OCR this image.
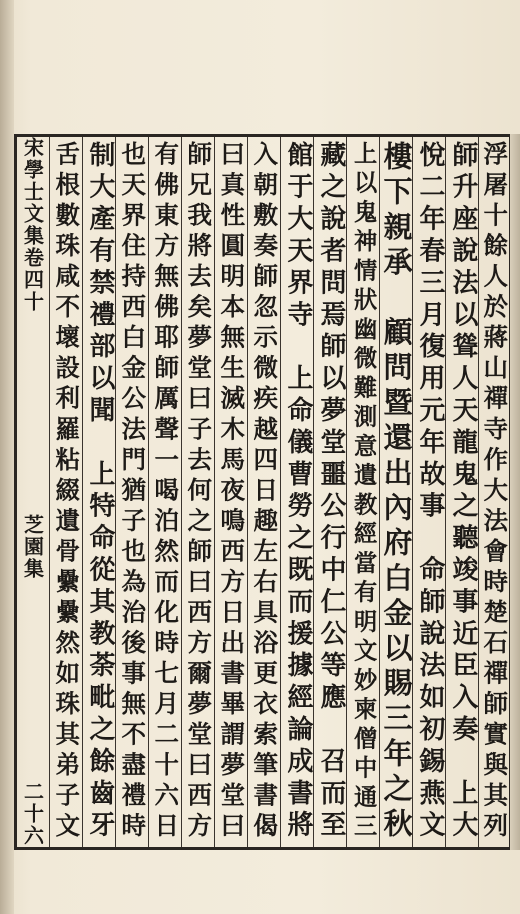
宋學士文集卷四十
芝園集
二十六 舌根數珠咸不壞設利羅粘綴遺骨纍纍然如珠其弟子文 制大產有禁禮部以聞　上特命從其教荼毗之餘齒牙 也天界住持西白金公法門猶子也為治後事無不盡禮時 有佛東方無佛耶師厲聲一喝泊然而化時七月二十六日 師兄我將去矣夢堂曰子去何之師曰西方爾夢堂曰西方 曰真性圓明本無生滅木馬夜鳴西方日出書畢謂夢堂曰 入朝敷奏師忽示微疾越四日趣左右具浴更衣索筆書偈 館于大天界寺　上命儀曹勞之既而援據經論成書將 藏之說者問焉師以夢堂噩公行中仁公等應　召而至 上以鬼神情狀幽微難測意遺教經當有明文妙柬僧中通三 樓下親承　顧問暨還出內府白金以賜三年之秋 悅二年春三月復用元年故事　命師說法如初錫燕文 師升座說法以聳人天龍鬼之聽竣事近臣入奏　上大 浮屠十餘人於蔣山禪寺作大法會時楚石禪師實與其列
